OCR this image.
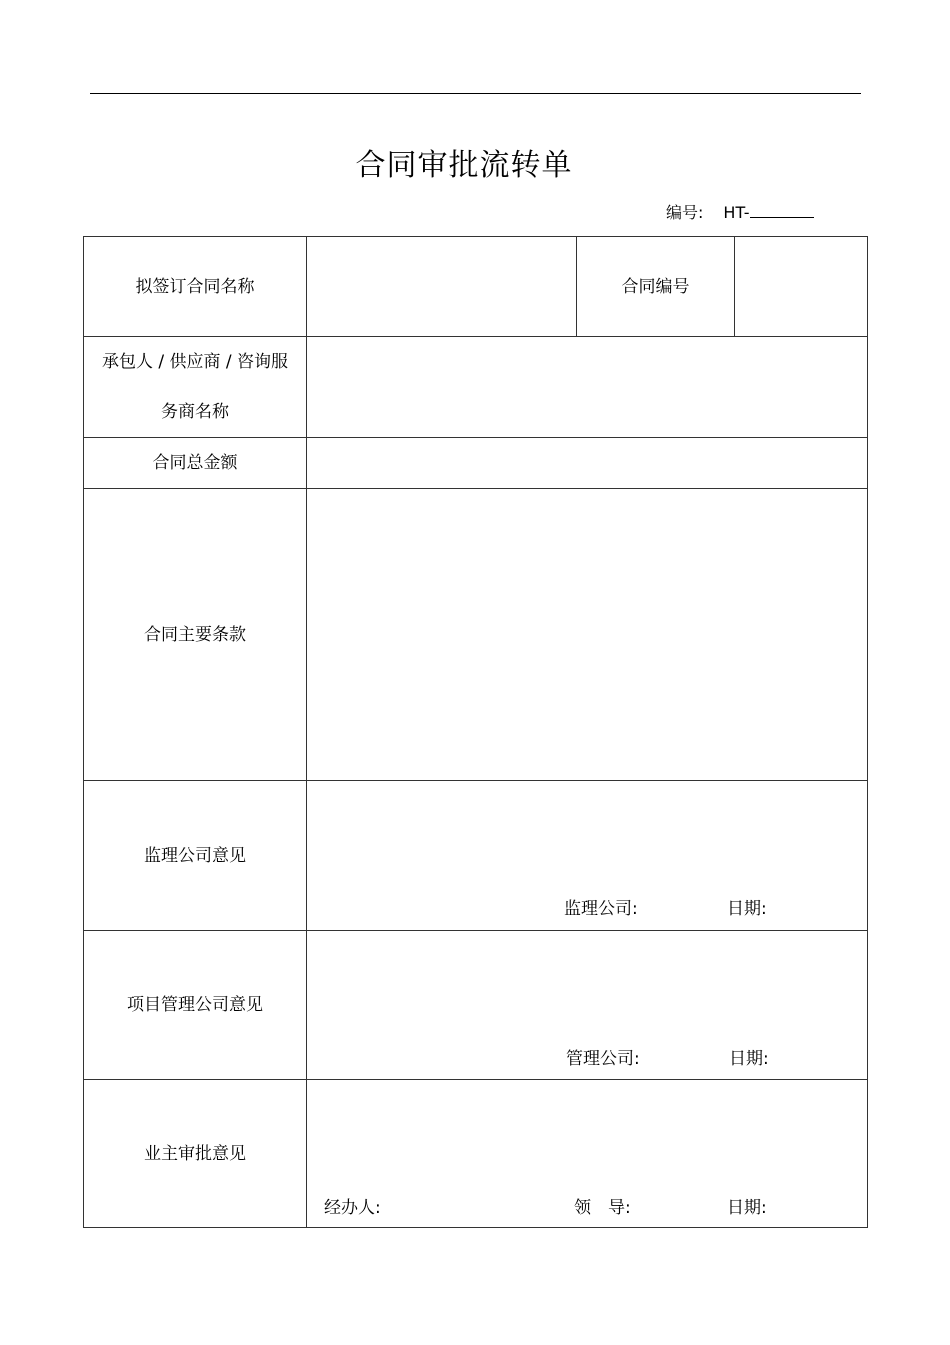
合同审批流转单
编号: HT-
拟签订合同名称		合同编号	

承包人 / 供应商 / 咨询服
务商名称			

合同总金额			
合同主要条款			
监理公司意见	监理公司: 日期:		

项目管理公司意见	管理公司: 日期:		

业主审批意见	经办人: 领　导: 日期:		
